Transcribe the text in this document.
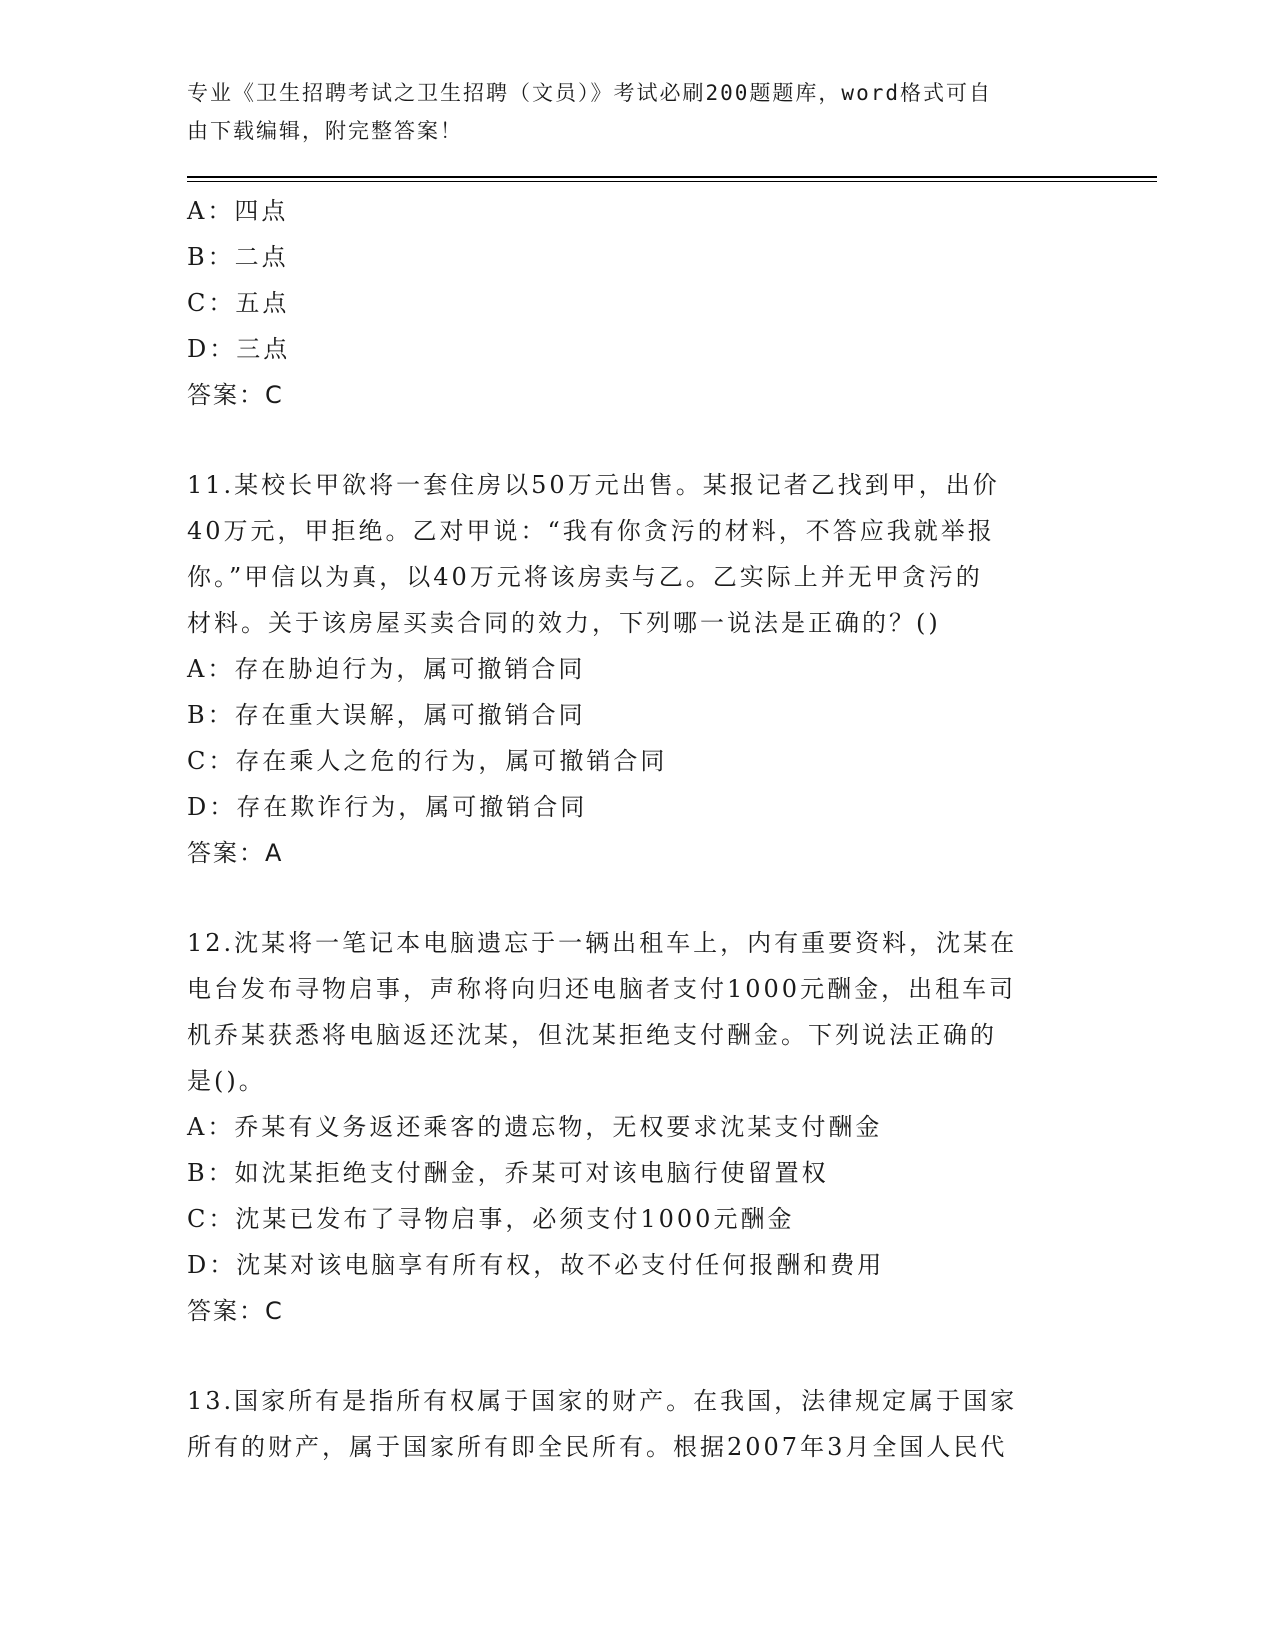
专业《卫生招聘考试之卫生招聘（文员）》考试必刷200题题库，word格式可自
由下载编辑，附完整答案！
A：四点
B：二点
C：五点
D：三点
答案：C
11.某校长甲欲将一套住房以50万元出售。某报记者乙找到甲，出价
40万元，甲拒绝。乙对甲说：“我有你贪污的材料，不答应我就举报
你。”甲信以为真，以40万元将该房卖与乙。乙实际上并无甲贪污的
材料。关于该房屋买卖合同的效力，下列哪一说法是正确的？()
A：存在胁迫行为，属可撤销合同
B：存在重大误解，属可撤销合同
C：存在乘人之危的行为，属可撤销合同
D：存在欺诈行为，属可撤销合同
答案：A
12.沈某将一笔记本电脑遗忘于一辆出租车上，内有重要资料，沈某在
电台发布寻物启事，声称将向归还电脑者支付1000元酬金，出租车司
机乔某获悉将电脑返还沈某，但沈某拒绝支付酬金。下列说法正确的
是()。
A：乔某有义务返还乘客的遗忘物，无权要求沈某支付酬金
B：如沈某拒绝支付酬金，乔某可对该电脑行使留置权
C：沈某已发布了寻物启事，必须支付1000元酬金
D：沈某对该电脑享有所有权，故不必支付任何报酬和费用
答案：C
13.国家所有是指所有权属于国家的财产。在我国，法律规定属于国家
所有的财产，属于国家所有即全民所有。根据2007年3月全国人民代
